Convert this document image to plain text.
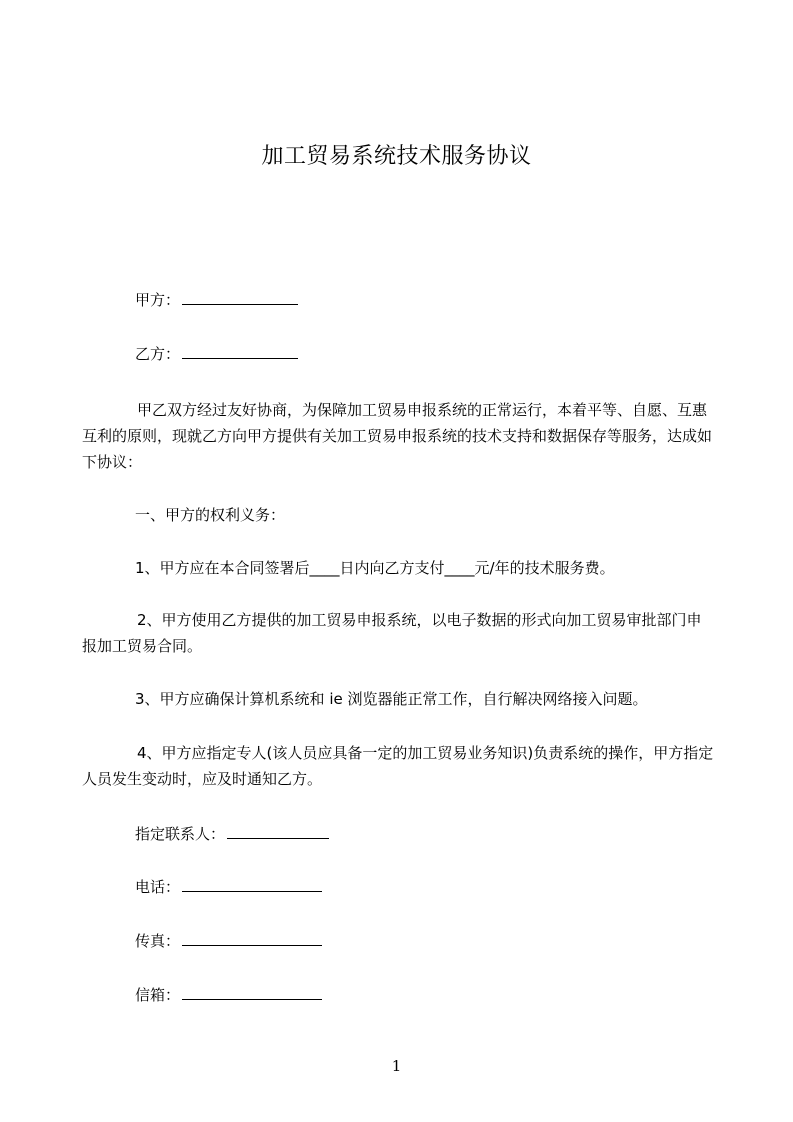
加工贸易系统技术服务协议
甲方：
乙方：
甲乙双方经过友好协商，为保障加工贸易申报系统的正常运行，本着平等、自愿、互惠互利的原则，现就乙方向甲方提供有关加工贸易申报系统的技术支持和数据保存等服务，达成如下协议：
一、甲方的权利义务：
1、甲方应在本合同签署后____日内向乙方支付____元/年的技术服务费。
2、甲方使用乙方提供的加工贸易申报系统，以电子数据的形式向加工贸易审批部门申报加工贸易合同。
3、甲方应确保计算机系统和 ie 浏览器能正常工作，自行解决网络接入问题。
4、甲方应指定专人(该人员应具备一定的加工贸易业务知识)负责系统的操作，甲方指定人员发生变动时，应及时通知乙方。
指定联系人：
电话：
传真：
信箱：
1
